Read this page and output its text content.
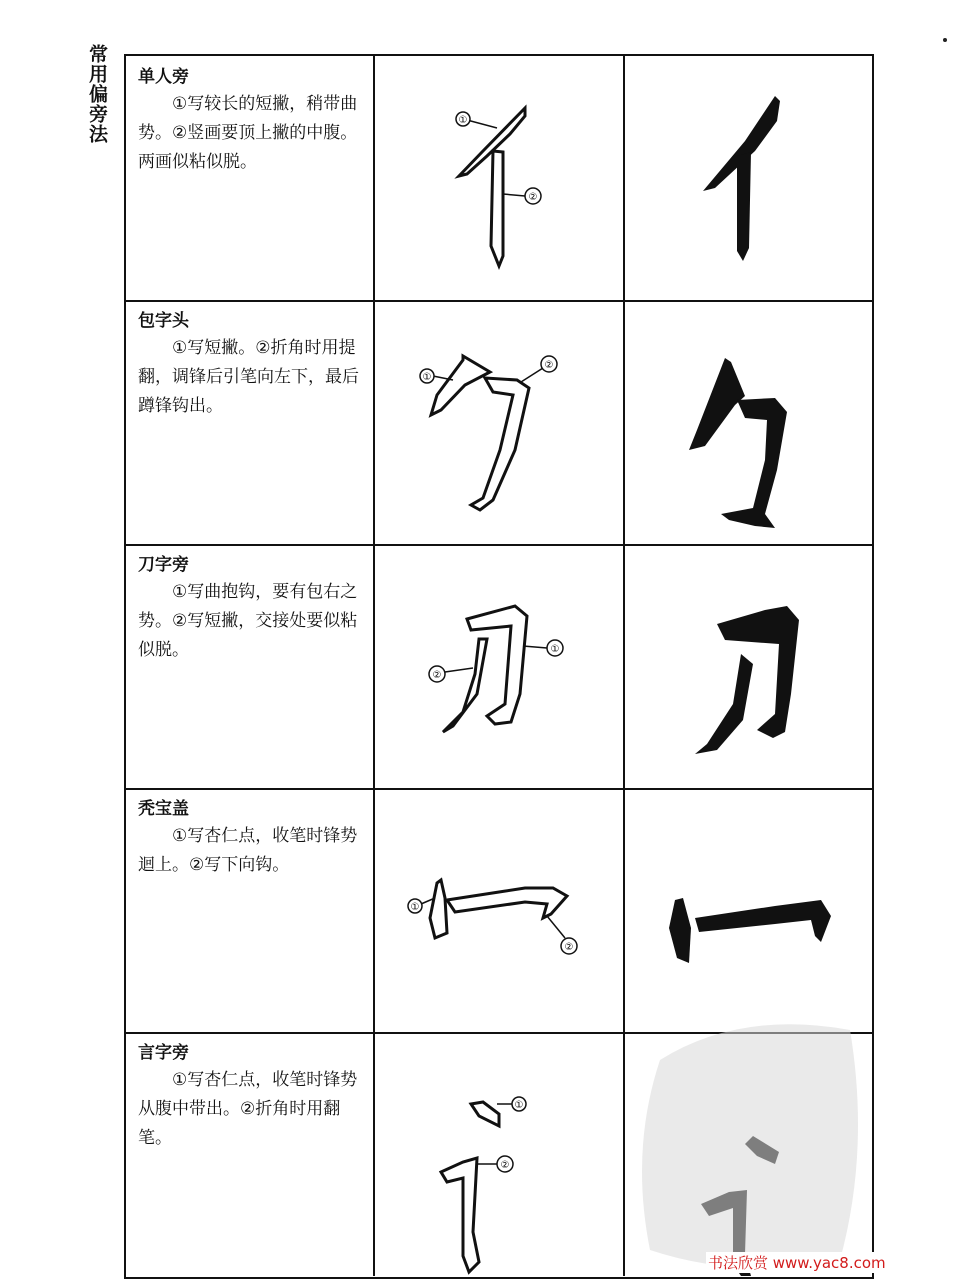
常用偏旁法 单人旁
①写较长的短撇，稍带曲势。②竖画要顶上撇的中腹。两画似粘似脱。
①
②
包字头
①写短撇。②折角时用提翻，调锋后引笔向左下，最后蹲锋钩出。
①
②
刀字旁
①写曲抱钩，要有包右之势。②写短撇，交接处要似粘似脱。	①
②
秃宝盖
①写杏仁点，收笔时锋势迴上。②写下向钩。
①
②
言字旁
①写杏仁点，收笔时锋势从腹中带出。②折角时用翻笔。
①
②
书法欣赏 www.yac8.com
